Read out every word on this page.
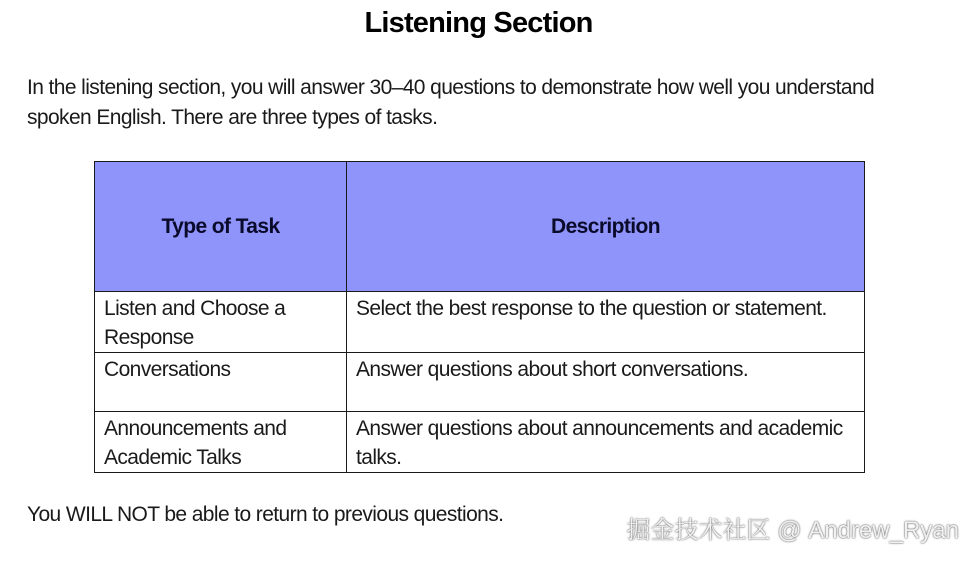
Listening Section
In the listening section, you will answer 30–40 questions to demonstrate how well you understand spoken English. There are three types of tasks.
Type of Task	Description

Listen and Choose a Response	Select the best response to the question or statement.

Conversations	Answer questions about short conversations.

Announcements and Academic Talks	Answer questions about announcements and academic talks.
You WILL NOT be able to return to previous questions.
掘金技术社区 @ Andrew_Ryan
